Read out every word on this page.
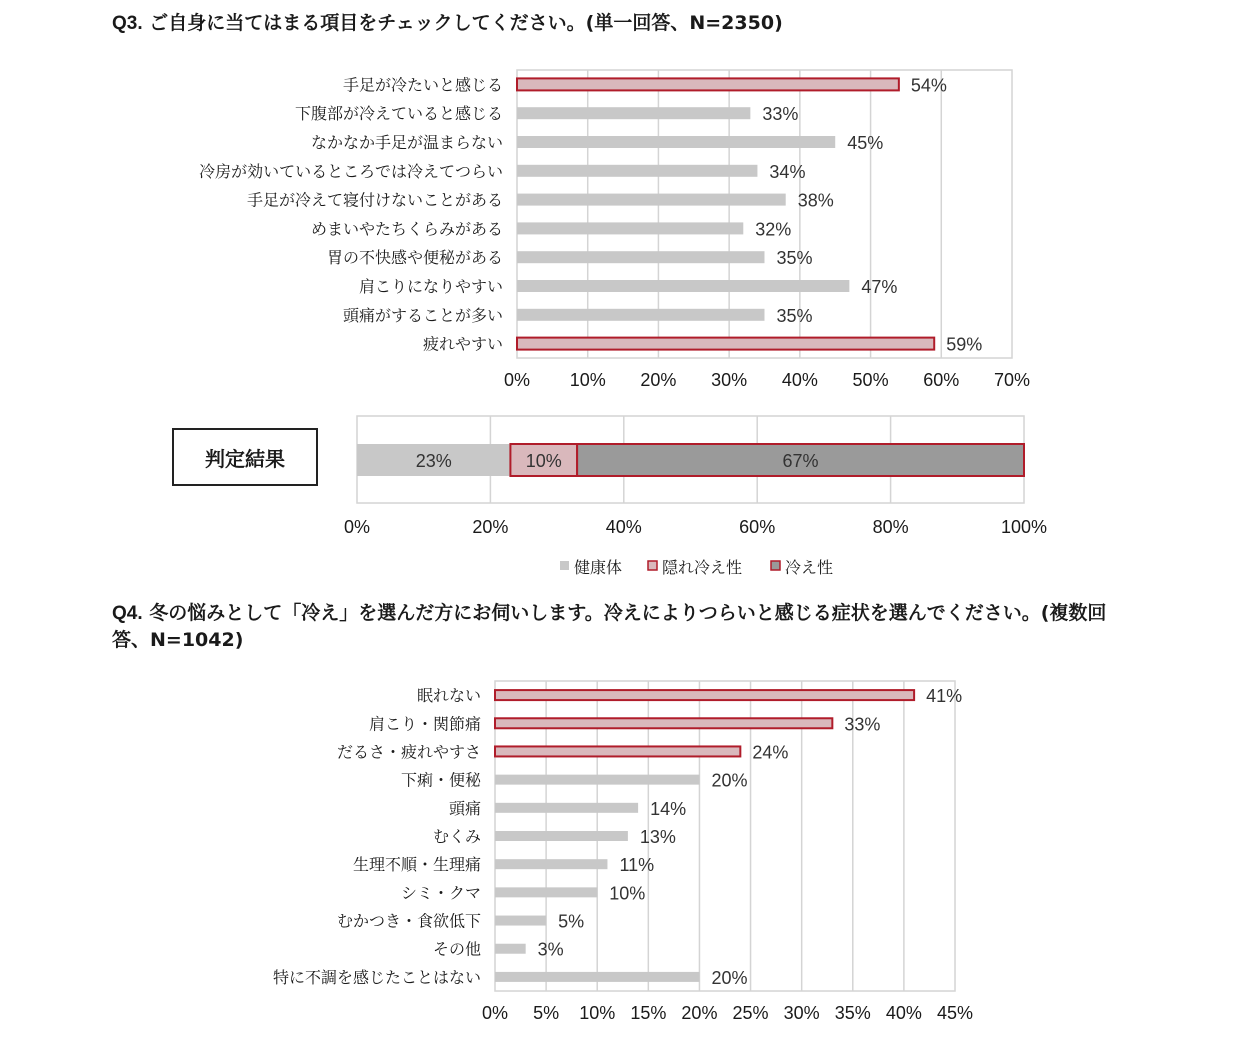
Q3. ご自身に当てはまる項目をチェックしてください。(単一回答、N=2350)
判定結果
Q4. 冬の悩みとして「冷え」を選んだ方にお伺いします。冷えによりつらいと感じる症状を選んでください。(複数回答、N=1042)
0% 10% 20% 30% 40% 50% 60% 70%
手足が冷たいと感じる	54%
下腹部が冷えていると感じる	33%
なかなか手足が温まらない	45%
冷房が効いているところでは冷えてつらい	34%
手足が冷えて寝付けないことがある	38%
めまいやたちくらみがある	32%
胃の不快感や便秘がある	35%
肩こりになりやすい	47%
頭痛がすることが多い	35%
疲れやすい	59%
0%	20%	40%	60%	80%	100%
23%	10%	67%
健康体 隠れ冷え性	冷え性
0% 5% 10% 15% 20% 25% 30% 35% 40% 45%
眠れない	41%
肩こり・関節痛	33%
だるさ・疲れやすさ	24%
下痢・便秘	20%
頭痛	14%
むくみ	13%
生理不順・生理痛	11%
シミ・クマ	10%
むかつき・食欲低下	5%
その他	3%
特に不調を感じたことはない	20%
